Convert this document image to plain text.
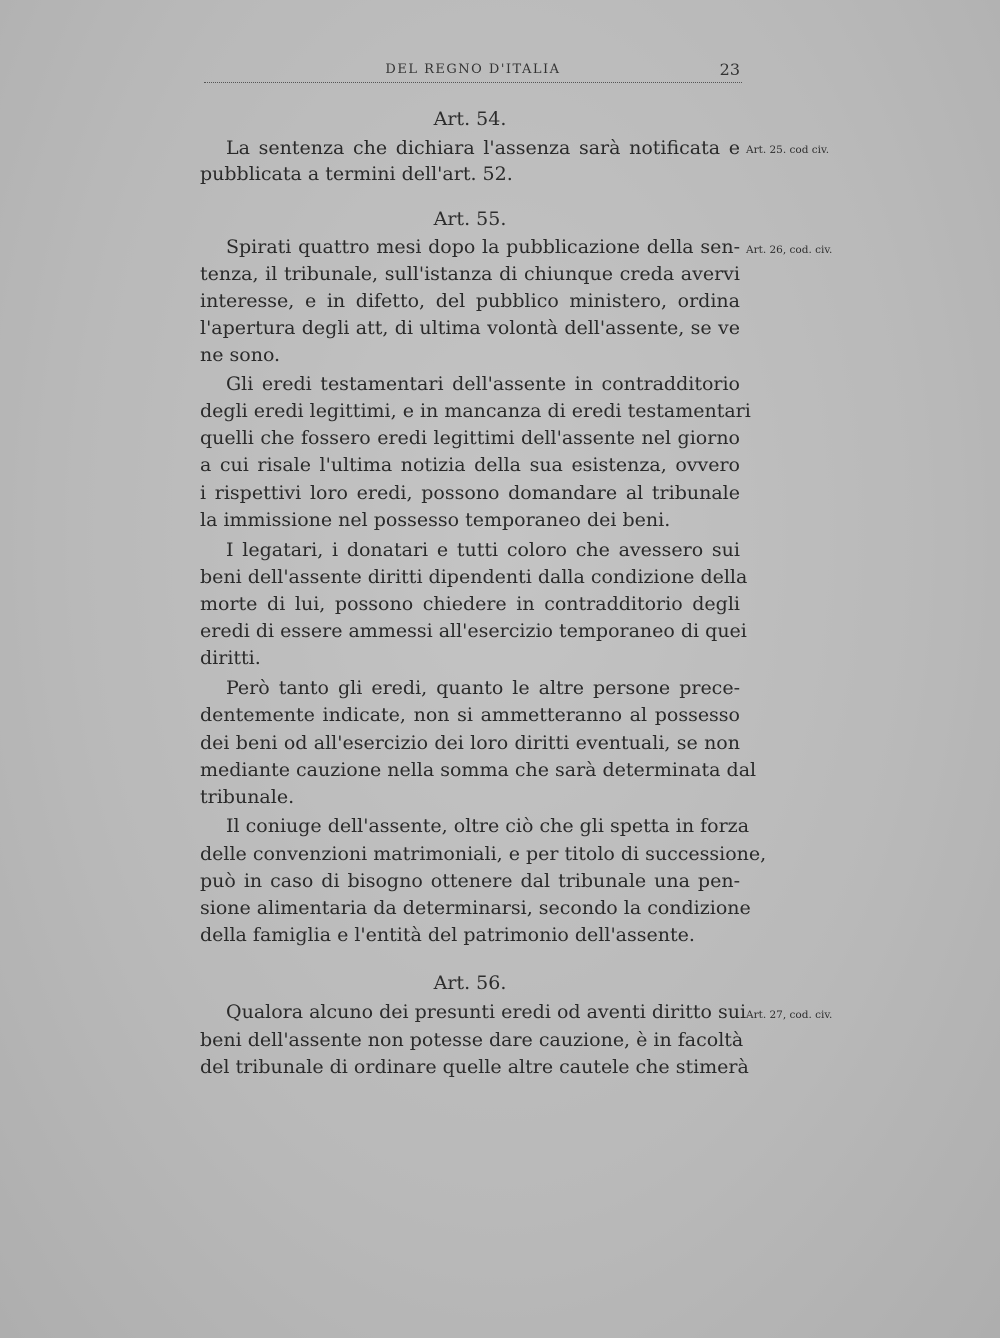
DEL REGNO D'ITALIA	23
Art. 54.
Art. 25. cod civ.
La sentenza che dichiara l'assenza sarà notificata e
pubblicata a termini dell'art. 52.
Art. 55.
Art. 26, cod. civ.
Spirati quattro mesi dopo la pubblicazione della sen-
tenza, il tribunale, sull'istanza di chiunque creda avervi
interesse, e in difetto, del pubblico ministero, ordina
l'apertura degli att, di ultima volontà dell'assente, se ve
ne sono.
Gli eredi testamentari dell'assente in contradditorio
degli eredi legittimi, e in mancanza di eredi testamentari
quelli che fossero eredi legittimi dell'assente nel giorno
a cui risale l'ultima notizia della sua esistenza, ovvero
i rispettivi loro eredi, possono domandare al tribunale
la immissione nel possesso temporaneo dei beni.
I legatari, i donatari e tutti coloro che avessero sui
beni dell'assente diritti dipendenti dalla condizione della
morte di lui, possono chiedere in contradditorio degli
eredi di essere ammessi all'esercizio temporaneo di quei
diritti.
Però tanto gli eredi, quanto le altre persone prece-
dentemente indicate, non si ammetteranno al possesso
dei beni od all'esercizio dei loro diritti eventuali, se non
mediante cauzione nella somma che sarà determinata dal
tribunale.
Il coniuge dell'assente, oltre ciò che gli spetta in forza
delle convenzioni matrimoniali, e per titolo di successione,
può in caso di bisogno ottenere dal tribunale una pen-
sione alimentaria da determinarsi, secondo la condizione
della famiglia e l'entità del patrimonio dell'assente.
Art. 56.
Art. 27, cod. civ.
Qualora alcuno dei presunti eredi od aventi diritto sui
beni dell'assente non potesse dare cauzione, è in facoltà
del tribunale di ordinare quelle altre cautele che stimerà
